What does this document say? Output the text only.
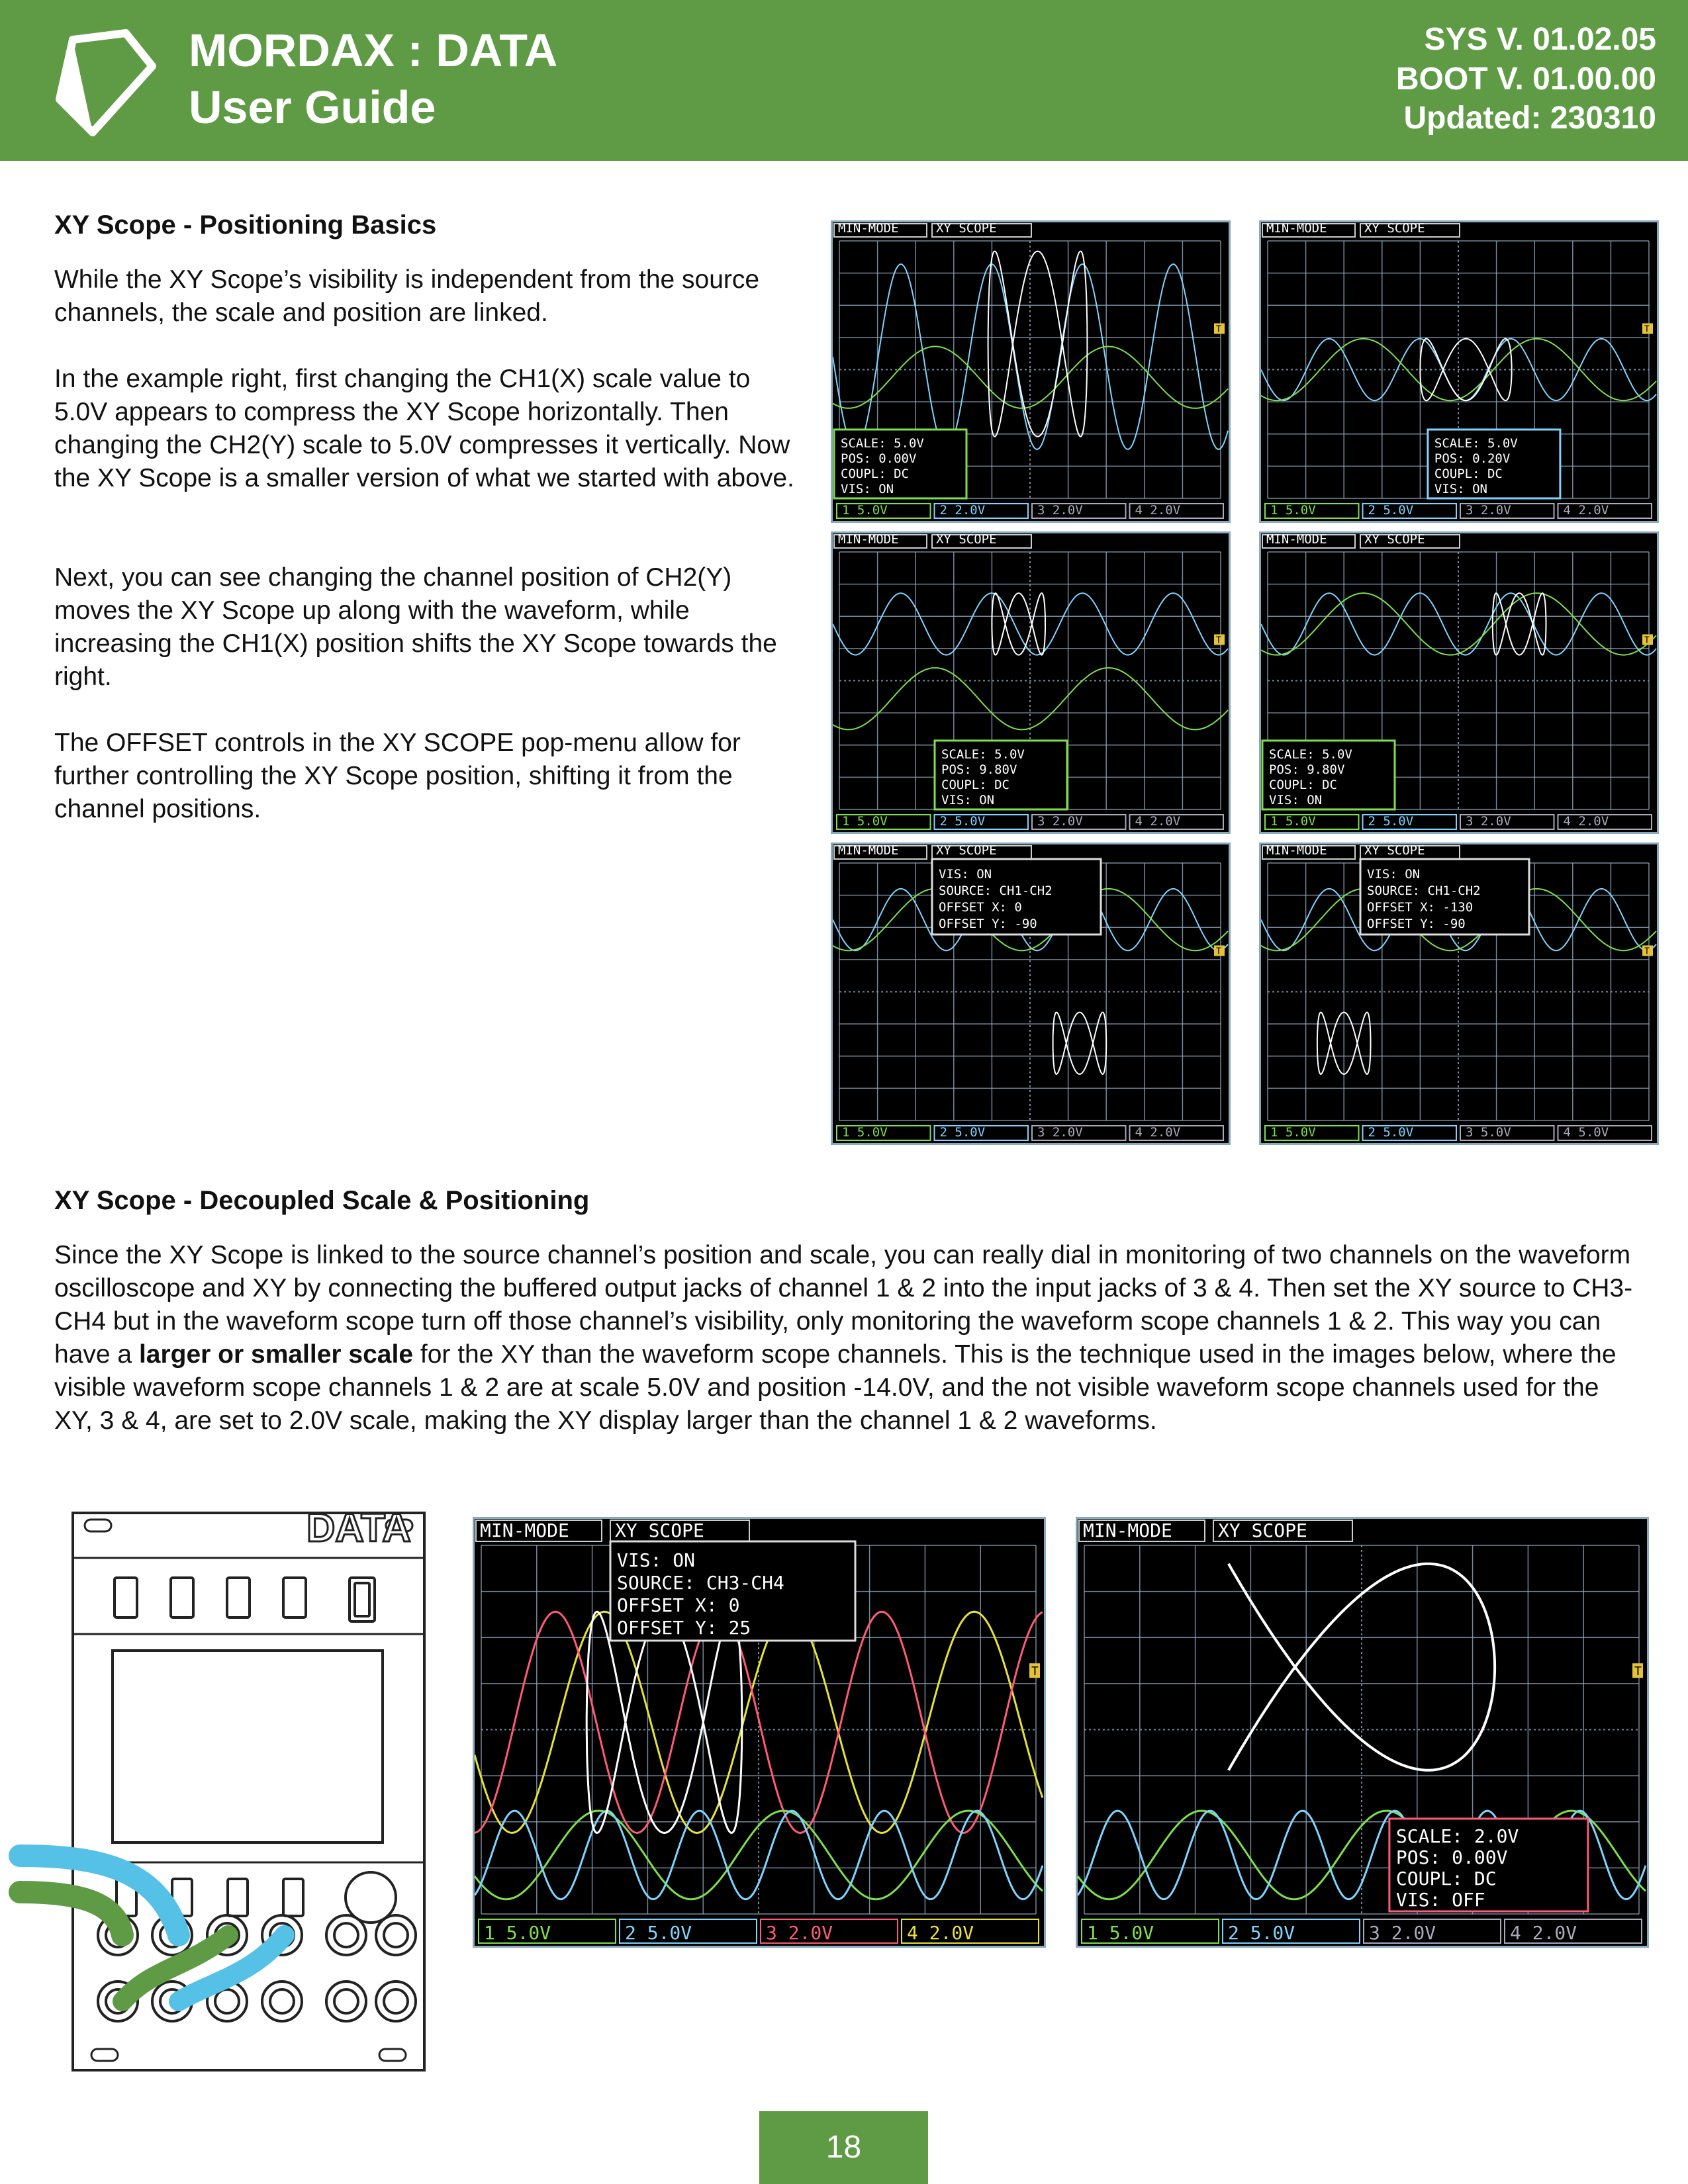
MORDAX : DATA
User Guide
SYS V. 01.02.05
BOOT V. 01.00.00
Updated: 230310
XY Scope - Positioning Basics

While the XY Scope’s visibility is independent from the source channels, the scale and position are linked.

In the example right, first changing the CH1(X) scale value to 5.0V appears to compress the XY Scope horizontally. Then changing the CH2(Y) scale to 5.0V compresses it vertically. Now the XY Scope is a smaller version of what we started with above.

Next, you can see changing the channel position of CH2(Y) moves the XY Scope up along with the waveform, while increasing the CH1(X) position shifts the XY Scope towards the right.

The OFFSET controls in the XY SCOPE pop-menu allow for further controlling the XY Scope position, shifting it from the channel positions.

MIN-MODE	XY SCOPE
T
SCALE: 5.0V
POS: 0.00V
COUPL: DC
VIS: ON
1 5.0V	2 2.0V	3 2.0V	4 2.0V
MIN-MODE	XY SCOPE
T
SCALE: 5.0V
POS: 0.20V
COUPL: DC
VIS: ON
1 5.0V	2 5.0V	3 2.0V	4 2.0V
MIN-MODE	XY SCOPE
T
SCALE: 5.0V
POS: 9.80V
COUPL: DC
VIS: ON
1 5.0V	2 5.0V	3 2.0V	4 2.0V
MIN-MODE	XY SCOPE
T
SCALE: 5.0V
POS: 9.80V
COUPL: DC
VIS: ON
1 5.0V	2 5.0V	3 2.0V	4 2.0V
MIN-MODE	XY SCOPE
T
VIS: ON
SOURCE: CH1-CH2
OFFSET X: 0
OFFSET Y: -90
1 5.0V	2 5.0V	3 2.0V	4 2.0V
MIN-MODE	XY SCOPE
T
VIS: ON
SOURCE: CH1-CH2
OFFSET X: -130
OFFSET Y: -90
1 5.0V	2 5.0V	3 5.0V	4 5.0V
XY Scope - Decoupled Scale & Positioning

Since the XY Scope is linked to the source channel’s position and scale, you can really dial in monitoring of two channels on the waveform oscilloscope and XY by connecting the buffered output jacks of channel 1 & 2 into the input jacks of 3 & 4. Then set the XY source to CH3-CH4 but in the waveform scope turn off those channel’s visibility, only monitoring the waveform scope channels 1 & 2. This way you can have a larger or smaller scale for the XY than the waveform scope channels. This is the technique used in the images below, where the visible waveform scope channels 1 & 2 are at scale 5.0V and position -14.0V, and the not visible waveform scope channels used for the XY, 3 & 4, are set to 2.0V scale, making the XY display larger than the channel 1 & 2 waveforms.

DATA	MIN-MODE XY SCOPE
T
VIS: ON
SOURCE: CH3-CH4
OFFSET X: 0
OFFSET Y: 25
1 5.0V	2 5.0V	3 2.0V	4 2.0V
MIN-MODE XY SCOPE
T
SCALE: 2.0V
POS: 0.00V
COUPL: DC
VIS: OFF
1 5.0V	2 5.0V	3 2.0V	4 2.0V
18
